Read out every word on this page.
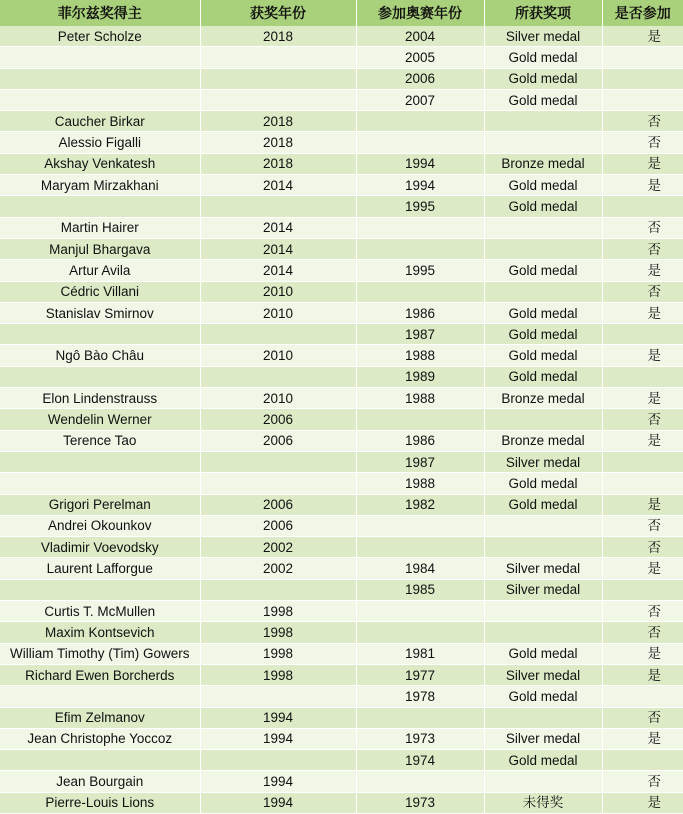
菲尔兹奖得主	获奖年份	参加奥赛年份	所获奖项	是否参加
Peter Scholze	2018	2004	Silver medal	是
		2005	Gold medal	
		2006	Gold medal	
		2007	Gold medal	
Caucher Birkar	2018			否
Alessio Figalli	2018			否
Akshay Venkatesh	2018	1994	Bronze medal	是
Maryam Mirzakhani	2014	1994	Gold medal	是
		1995	Gold medal	
Martin Hairer	2014			否
Manjul Bhargava	2014			否
Artur Avila	2014	1995	Gold medal	是
Cédric Villani	2010			否
Stanislav Smirnov	2010	1986	Gold medal	是
		1987	Gold medal	
Ngô Bào Châu	2010	1988	Gold medal	是
		1989	Gold medal	
Elon Lindenstrauss	2010	1988	Bronze medal	是
Wendelin Werner	2006			否
Terence Tao	2006	1986	Bronze medal	是
		1987	Silver medal	
		1988	Gold medal	
Grigori Perelman	2006	1982	Gold medal	是
Andrei Okounkov	2006			否
Vladimir Voevodsky	2002			否
Laurent Lafforgue	2002	1984	Silver medal	是
		1985	Silver medal	
Curtis T. McMullen	1998			否
Maxim Kontsevich	1998			否
William Timothy (Tim) Gowers	1998	1981	Gold medal	是
Richard Ewen Borcherds	1998	1977	Silver medal	是
		1978	Gold medal	
Efim Zelmanov	1994			否
Jean Christophe Yoccoz	1994	1973	Silver medal	是
		1974	Gold medal	
Jean Bourgain	1994			否
Pierre-Louis Lions	1994	1973	未得奖	是
